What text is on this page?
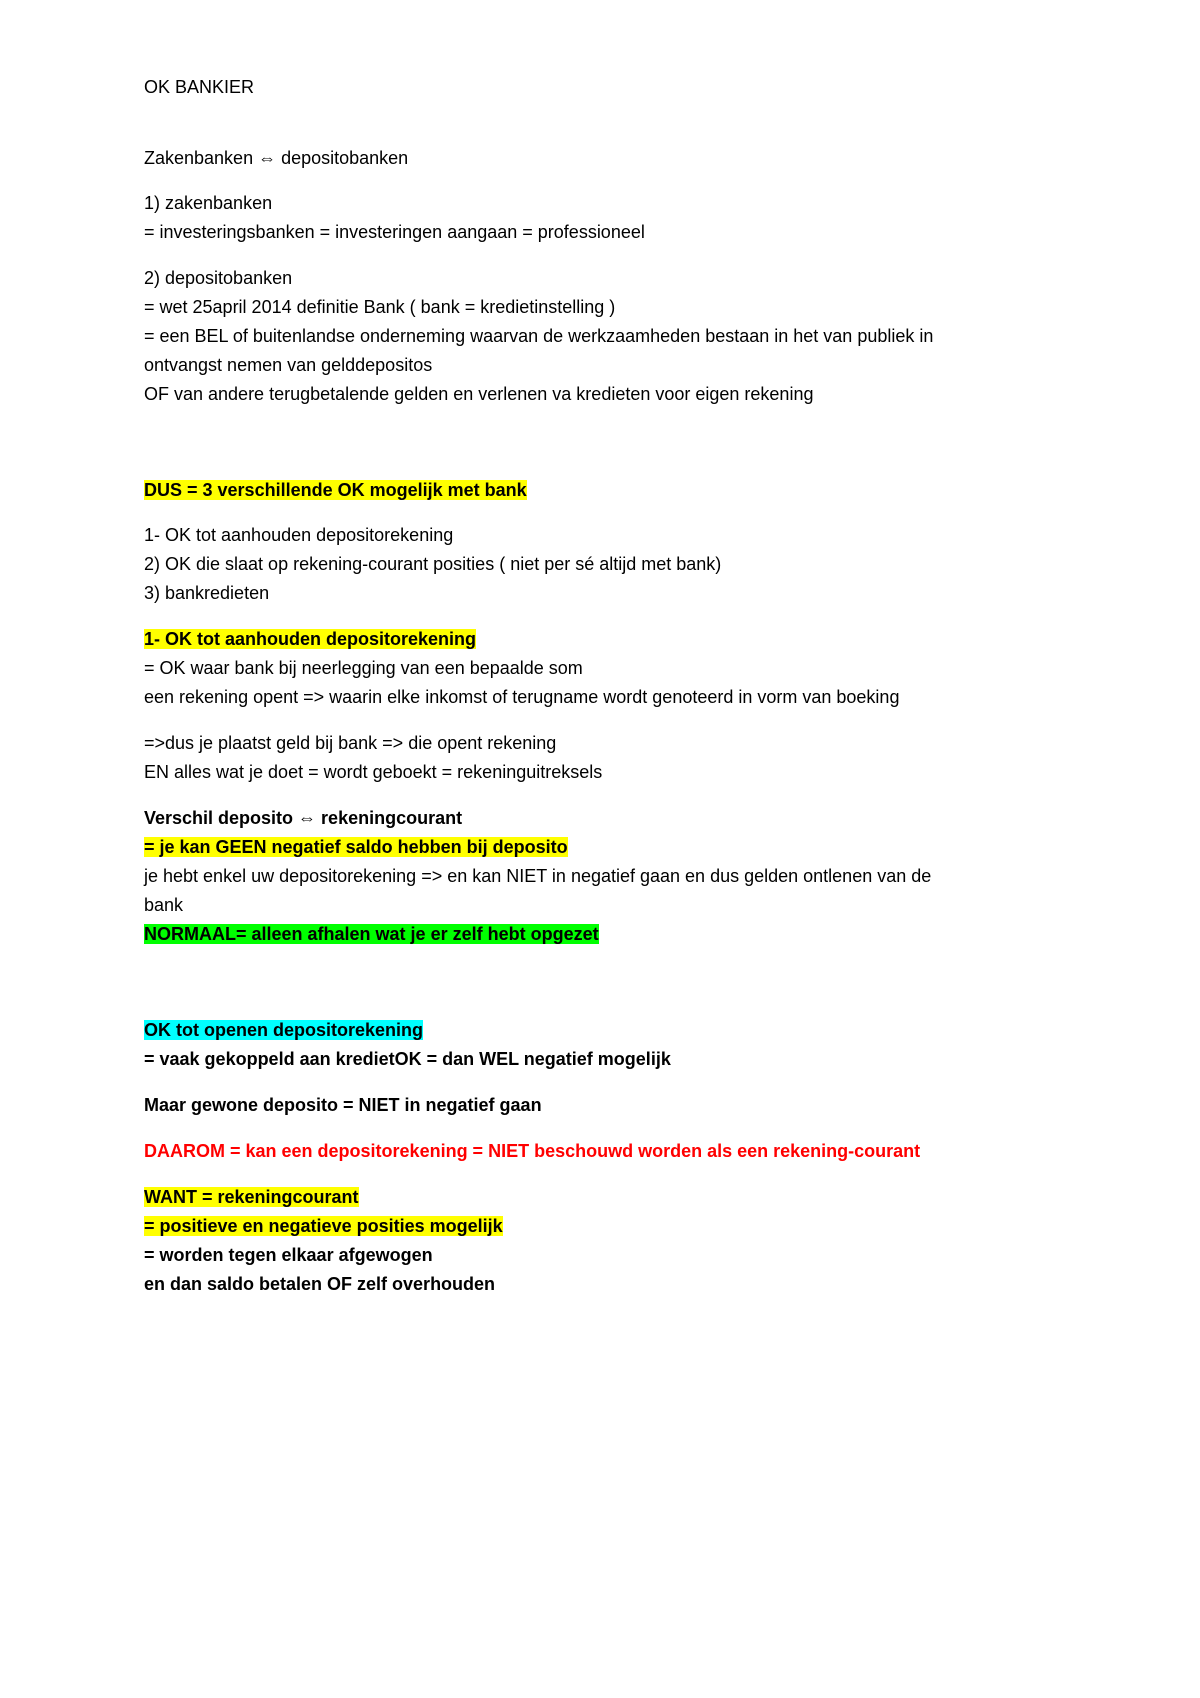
OK BANKIER
Zakenbanken ⇔ depositobanken
1) zakenbanken
= investeringsbanken = investeringen aangaan = professioneel
2) depositobanken
= wet 25april 2014 definitie Bank ( bank = kredietinstelling )
= een BEL of buitenlandse onderneming waarvan de werkzaamheden bestaan in het van publiek in
ontvangst nemen van gelddepositos
OF van andere terugbetalende gelden en verlenen va kredieten voor eigen rekening
DUS = 3 verschillende OK mogelijk met bank
1- OK tot aanhouden depositorekening
2) OK die slaat op rekening-courant posities ( niet per sé altijd met bank)
3) bankredieten
1- OK tot aanhouden depositorekening
= OK waar bank bij neerlegging van een bepaalde som
een rekening opent => waarin elke inkomst of terugname wordt genoteerd in vorm van boeking
=>dus je plaatst geld bij bank => die opent rekening
EN alles wat je doet = wordt geboekt = rekeninguitreksels
Verschil deposito ⇔ rekeningcourant
= je kan GEEN negatief saldo hebben bij deposito
je hebt enkel uw depositorekening => en kan NIET in negatief gaan en dus gelden ontlenen van de
bank
NORMAAL= alleen afhalen wat je er zelf hebt opgezet
OK tot openen depositorekening
= vaak gekoppeld aan kredietOK = dan WEL negatief mogelijk
Maar gewone deposito = NIET in negatief gaan
DAAROM = kan een depositorekening = NIET beschouwd worden als een rekening-courant
WANT = rekeningcourant
= positieve en negatieve posities mogelijk
= worden tegen elkaar afgewogen
en dan saldo betalen OF zelf overhouden
